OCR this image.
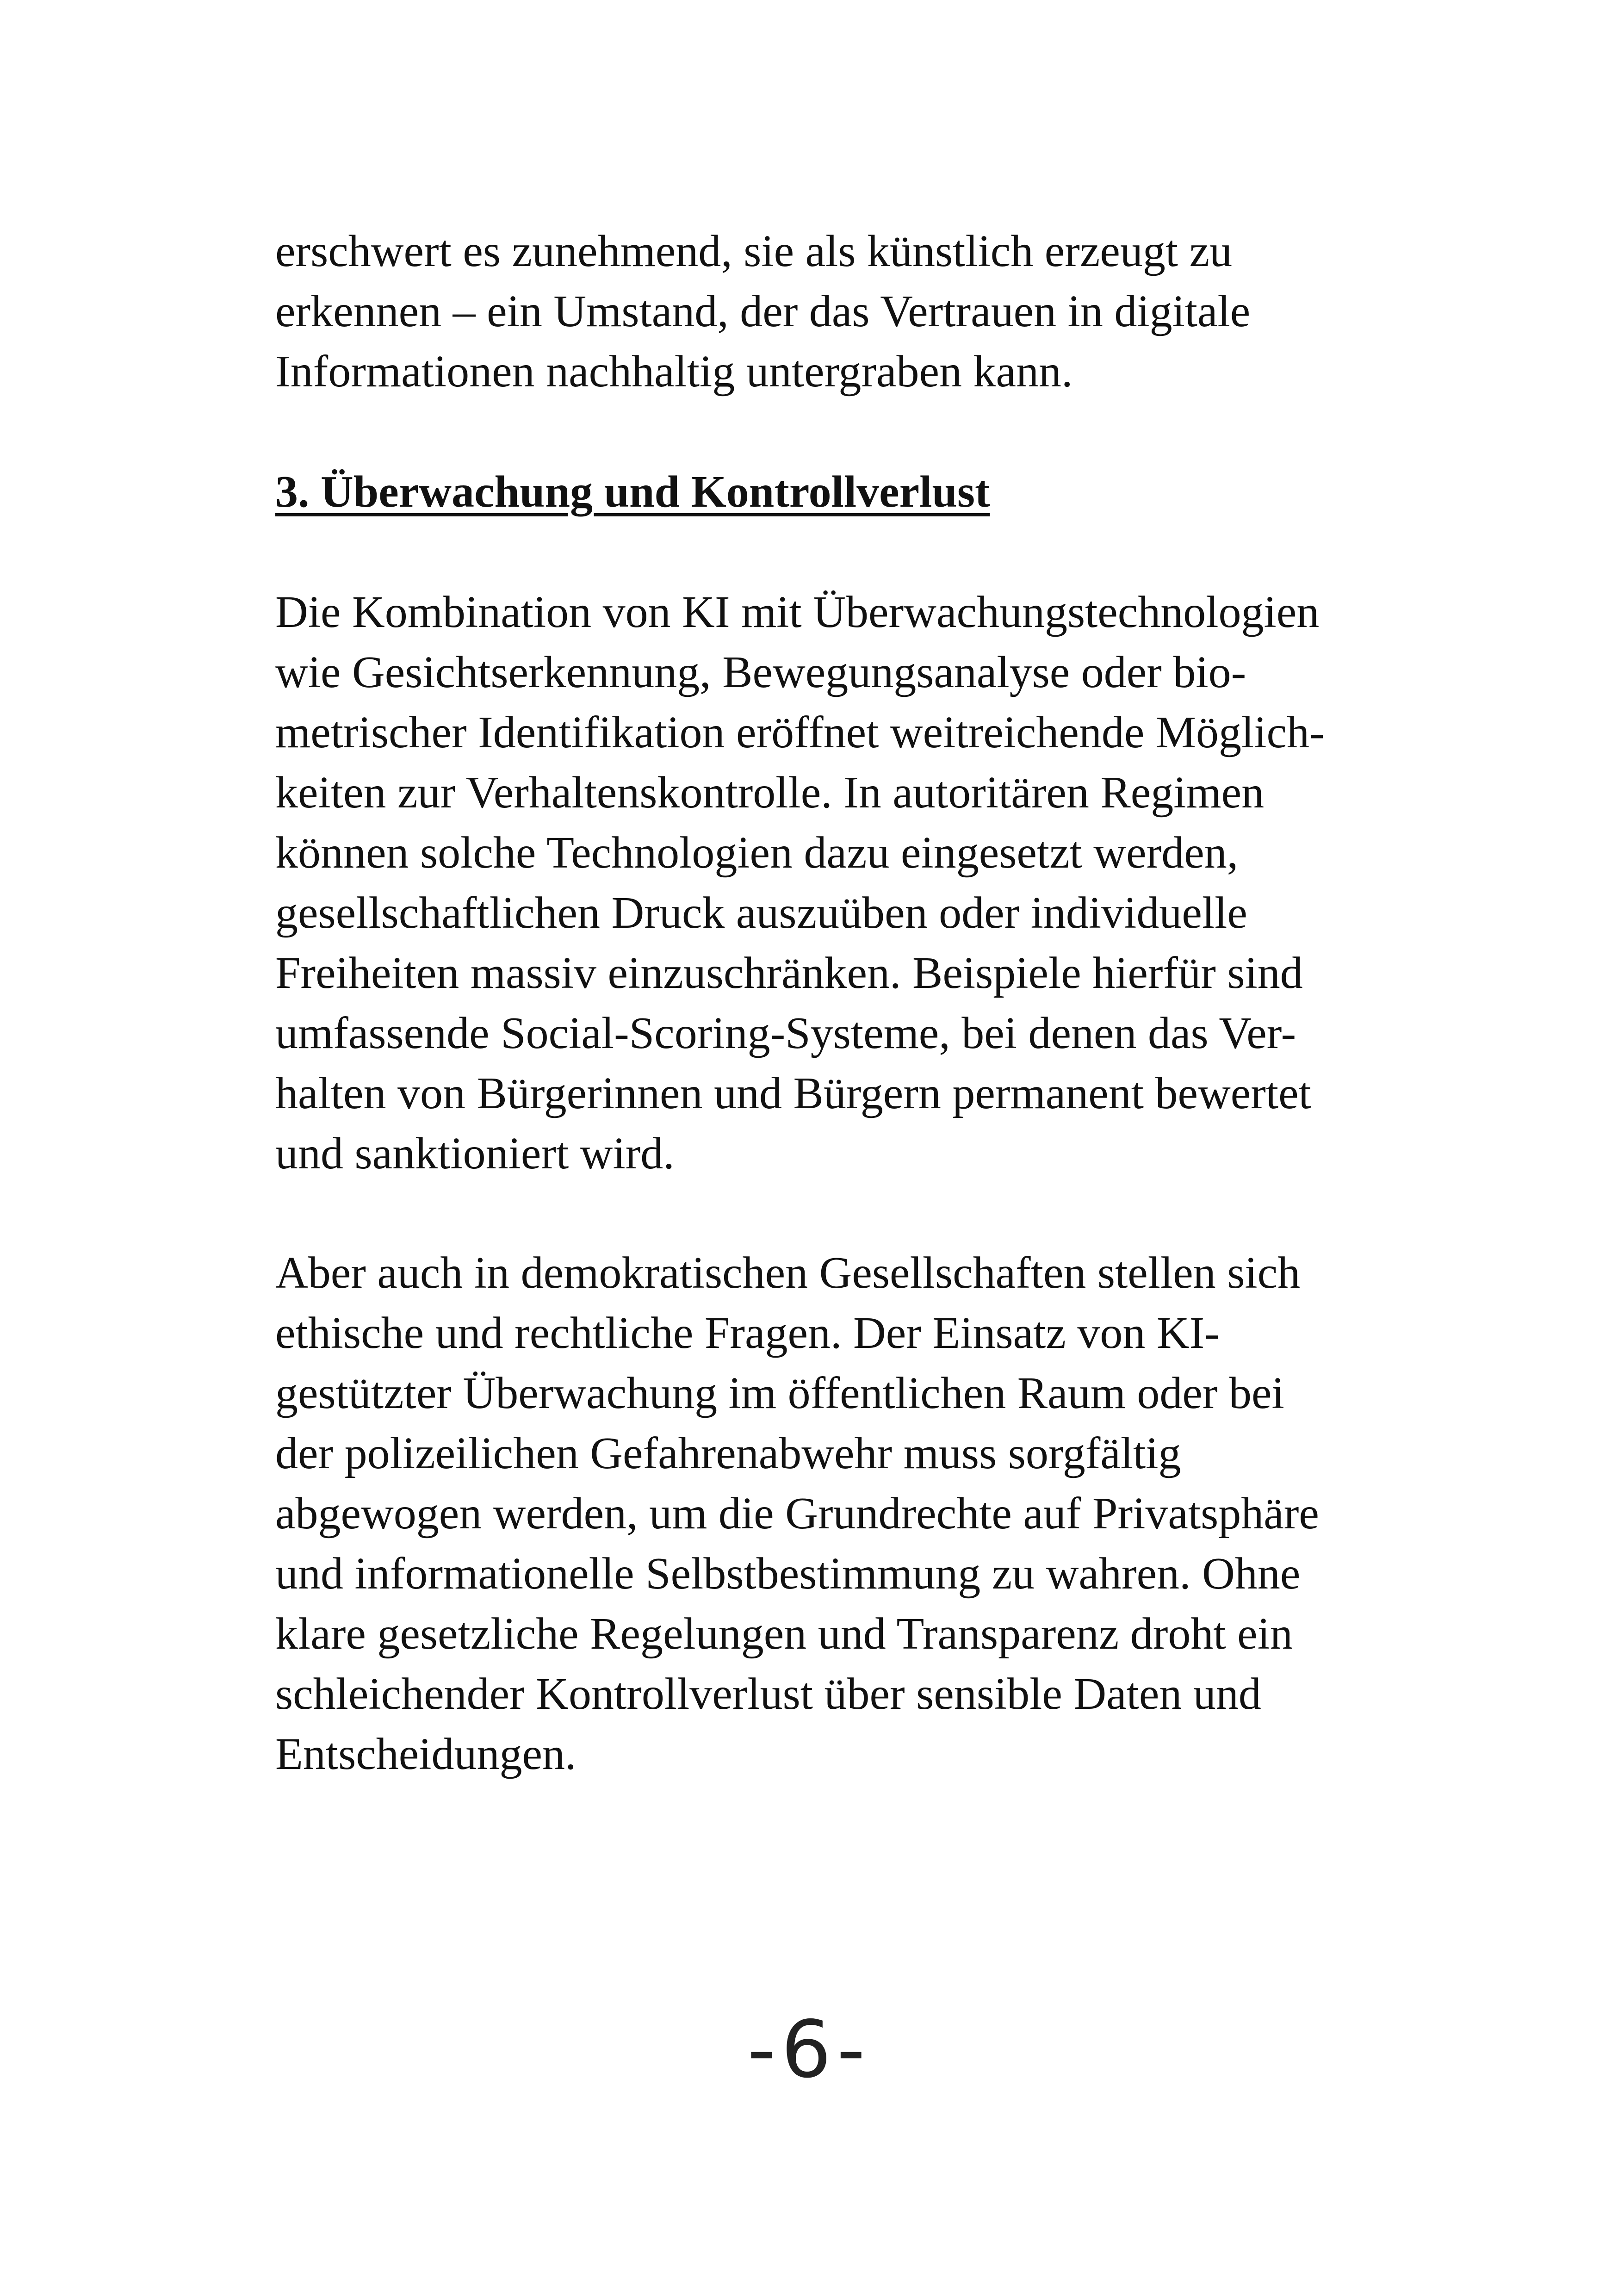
erschwert es zunehmend, sie als künstlich erzeugt zu
erkennen – ein Umstand, der das Vertrauen in digitale
Informationen nachhaltig untergraben kann.

3. Überwachung und Kontrollverlust

Die Kombination von KI mit Überwachungstechnologien
wie Gesichtserkennung, Bewegungsanalyse oder bio-
metrischer Identifikation eröffnet weitreichende Möglich-
keiten zur Verhaltenskontrolle. In autoritären Regimen
können solche Technologien dazu eingesetzt werden,
gesellschaftlichen Druck auszuüben oder individuelle
Freiheiten massiv einzuschränken. Beispiele hierfür sind
umfassende Social-Scoring-Systeme, bei denen das Ver-
halten von Bürgerinnen und Bürgern permanent bewertet
und sanktioniert wird.

Aber auch in demokratischen Gesellschaften stellen sich
ethische und rechtliche Fragen. Der Einsatz von KI-
gestützter Überwachung im öffentlichen Raum oder bei
der polizeilichen Gefahrenabwehr muss sorgfältig
abgewogen werden, um die Grundrechte auf Privatsphäre
und informationelle Selbstbestimmung zu wahren. Ohne
klare gesetzliche Regelungen und Transparenz droht ein
schleichender Kontrollverlust über sensible Daten und
Entscheidungen.

-6-
